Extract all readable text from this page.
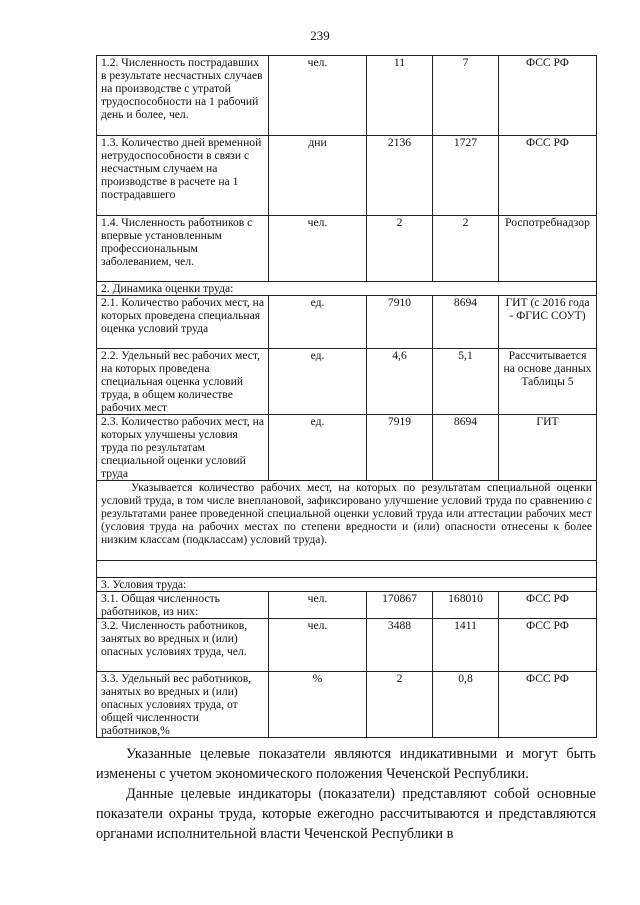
239
1.2. Численность пострадавших в результате несчастных случаев на производстве с утратой трудоспособности на 1 рабочий день и более, чел.	чел.	11	7	ФСС РФ
1.3. Количество дней временной нетрудоспособности в связи с несчастным случаем на производстве в расчете на 1 пострадавшего	дни	2136	1727	ФСС РФ
1.4. Численность работников с впервые установленным профессиональным заболеванием, чел.	чел.	2	2	Роспотребнадзор
2. Динамика оценки труда:				
2.1. Количество рабочих мест, на которых проведена специальная оценка условий труда	ед.	7910	8694	ГИТ (с 2016 года - ФГИС СОУТ)
2.2. Удельный вес рабочих мест, на которых проведена специальная оценка условий труда, в общем количестве рабочих мест	ед.	4,6	5,1	Рассчитывается на основе данных Таблицы 5
2.3. Количество рабочих мест, на которых улучшены условия труда по результатам специальной оценки условий труда	ед.	7919	8694	ГИТ
Указывается количество рабочих мест, на которых по результатам специальной оценки условий труда, в том числе внеплановой, зафиксировано улучшение условий труда по сравнению с результатами ранее проведенной специальной оценки условий труда или аттестации рабочих мест (условия труда на рабочих местах по степени вредности и (или) опасности отнесены к более низким классам (подклассам) условий труда).				

3. Условия труда:				
3.1. Общая численность работников, из них:	чел.	170867	168010	ФСС РФ
3.2. Численность работников, занятых во вредных и (или) опасных условиях труда, чел.	чел.	3488	1411	ФСС РФ
3.3. Удельный вес работников, занятых во вредных и (или) опасных условиях труда, от общей численности работников,%	%	2	0,8	ФСС РФ

Указанные целевые показатели являются индикативными и могут быть изменены с учетом экономического положения Чеченской Республики.

Данные целевые индикаторы (показатели) представляют собой основные показатели охраны труда, которые ежегодно рассчитываются и представляются органами исполнительной власти Чеченской Республики в
